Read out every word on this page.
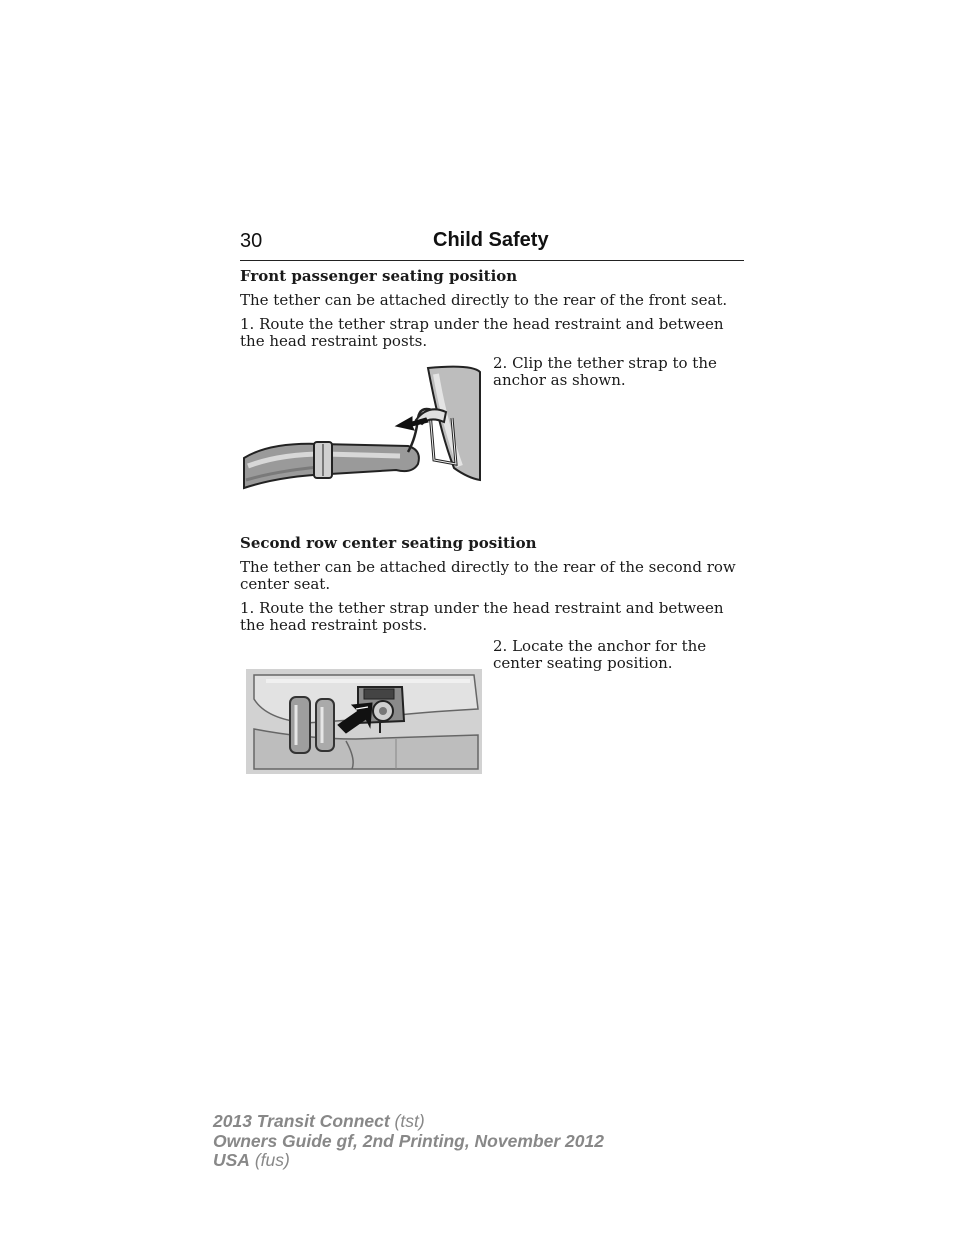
30	Child Safety

Front passenger seating position

The tether can be attached directly to the rear of the front seat.

1. Route the tether strap under the head restraint and between the head restraint posts.

2. Clip the tether strap to the anchor as shown.

Second row center seating position

The tether can be attached directly to the rear of the second row center seat.

1. Route the tether strap under the head restraint and between the head restraint posts.

2. Locate the anchor for the center seating position.

2013 Transit Connect (tst)
Owners Guide gf, 2nd Printing, November 2012
USA (fus)
